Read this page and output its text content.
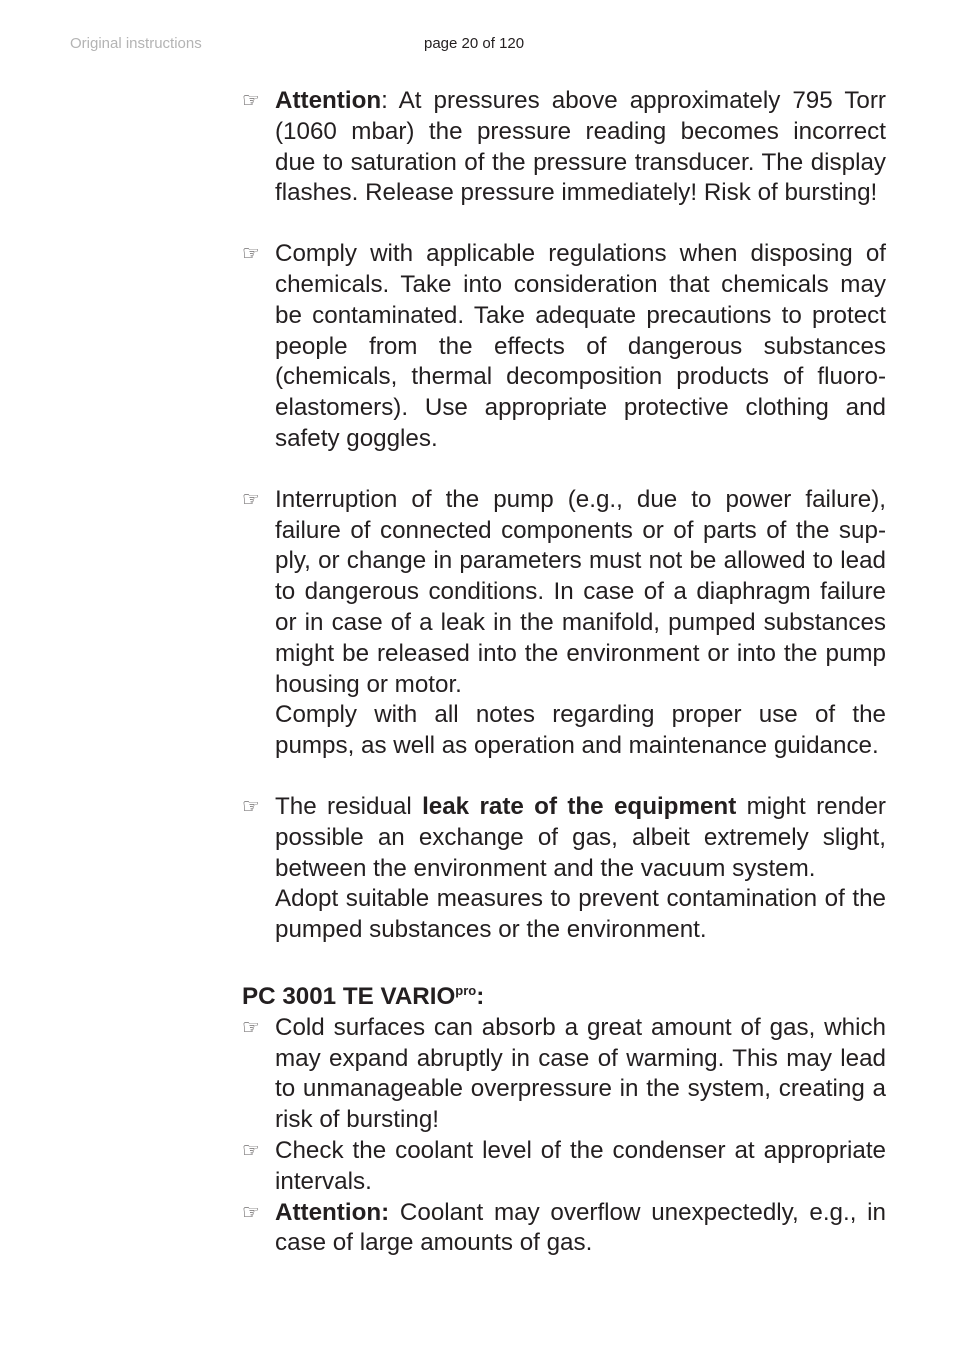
Original instructions	page 20 of 120
☞ Attention: At pressures above approximately 795 Torr (1060 mbar) the pressure reading becomes incorrect due to saturation of the pressure transducer. The display flashes. Release pressure immediately! Risk of bursting!

☞ Comply with applicable regulations when disposing of chemicals. Take into consideration that chemicals may be contaminated. Take adequate precautions to protect people from the effects of dangerous substances (chemicals, thermal decomposition products of fluoroelastomers). Use appropriate protective clothing and safety goggles.

☞ Interruption of the pump (e.g., due to power failure), failure of connected components or of parts of the supply, or change in parameters must not be allowed to lead to dangerous conditions. In case of a diaphragm failure or in case of a leak in the manifold, pumped substances might be released into the environment or into the pump housing or motor.

Comply with all notes regarding proper use of the pumps, as well as operation and maintenance guidance.

☞ The residual leak rate of the equipment might render possible an exchange of gas, albeit extremely slight, between the environment and the vacuum system.

Adopt suitable measures to prevent contamination of the pumped substances or the environment.

PC 3001 TE $VARIO^{pro}$:

☞ Cold surfaces can absorb a great amount of gas, which may expand abruptly in case of warming. This may lead to unmanageable overpressure in the system, creating a risk of bursting!

☞ Check the coolant level of the condenser at appropriate intervals.

☞ Attention: Coolant may overflow unexpectedly, e.g., in case of large amounts of gas.
